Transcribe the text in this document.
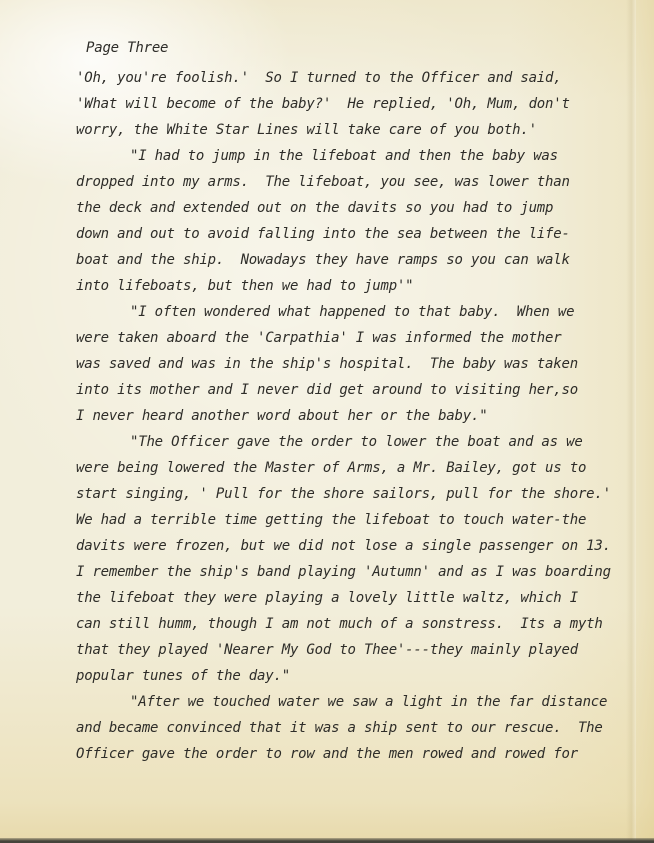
Page Three
'Oh, you're foolish.'  So I turned to the Officer and said,
'What will become of the baby?'  He replied, 'Oh, Mum, don't
worry, the White Star Lines will take care of you both.'
"I had to jump in the lifeboat and then the baby was
dropped into my arms.  The lifeboat, you see, was lower than
the deck and extended out on the davits so you had to jump
down and out to avoid falling into the sea between the life-
boat and the ship.  Nowadays they have ramps so you can walk
into lifeboats, but then we had to jump'"
"I often wondered what happened to that baby.  When we
were taken aboard the 'Carpathia' I was informed the mother
was saved and was in the ship's hospital.  The baby was taken
into its mother and I never did get around to visiting her,so
I never heard another word about her or the baby."
"The Officer gave the order to lower the boat and as we
were being lowered the Master of Arms, a Mr. Bailey, got us to
start singing, ' Pull for the shore sailors, pull for the shore.'
We had a terrible time getting the lifeboat to touch water-the
davits were frozen, but we did not lose a single passenger on 13.
I remember the ship's band playing 'Autumn' and as I was boarding
the lifeboat they were playing a lovely little waltz, which I
can still humm, though I am not much of a sonstress.  Its a myth
that they played 'Nearer My God to Thee'---they mainly played
popular tunes of the day."
"After we touched water we saw a light in the far distance
and became convinced that it was a ship sent to our rescue.  The
Officer gave the order to row and the men rowed and rowed for
